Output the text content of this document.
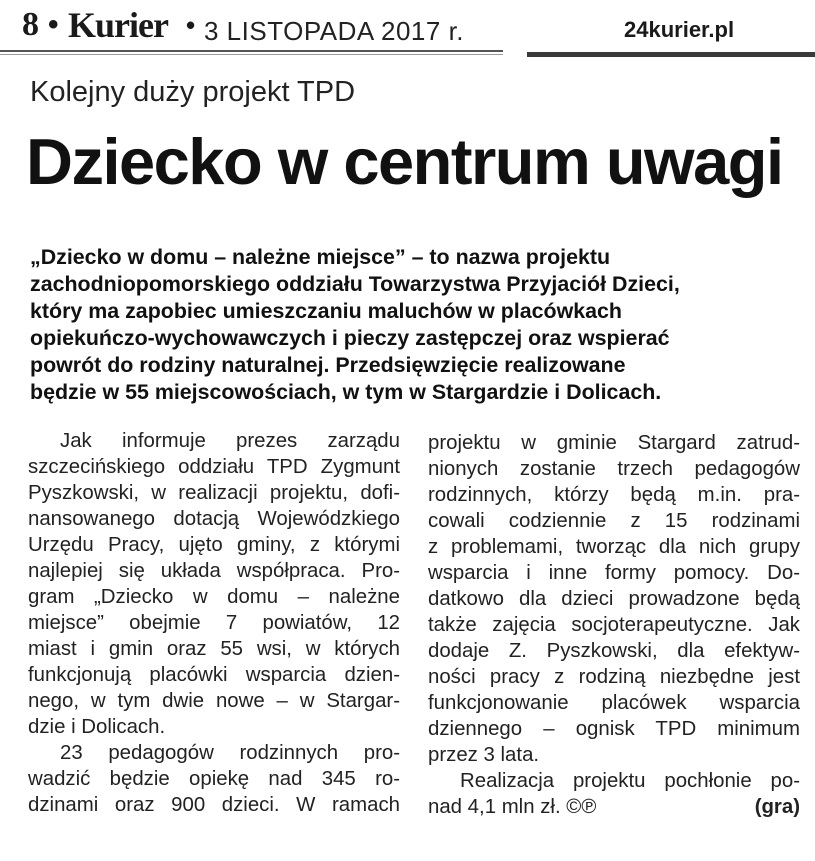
8 • Kurier • 3 LISTOPADA 2017 r.	24kurier.pl
Kolejny duży projekt TPD
Dziecko w centrum uwagi
„Dziecko w domu – należne miejsce” – to nazwa projektu
zachodniopomorskiego oddziału Towarzystwa Przyjaciół Dzieci,
który ma zapobiec umieszczaniu maluchów w placówkach
opiekuńczo-wychowawczych i pieczy zastępczej oraz wspierać
powrót do rodziny naturalnej. Przedsięwzięcie realizowane
będzie w 55 miejscowościach, w tym w Stargardzie i Dolicach.
Jak informuje prezes zarządu
szczecińskiego oddziału TPD Zygmunt
Pyszkowski, w realizacji projektu, dofi-
nansowanego dotacją Wojewódzkiego
Urzędu Pracy, ujęto gminy, z którymi
najlepiej się układa współpraca. Pro-
gram „Dziecko w domu – należne
miejsce” obejmie 7 powiatów, 12
miast i gmin oraz 55 wsi, w których
funkcjonują placówki wsparcia dzien-
nego, w tym dwie nowe – w Stargar-
dzie i Dolicach.
23 pedagogów rodzinnych pro-
wadzić będzie opiekę nad 345 ro-
dzinami oraz 900 dzieci. W ramach
projektu w gminie Stargard zatrud-
nionych zostanie trzech pedagogów
rodzinnych, którzy będą m.in. pra-
cowali codziennie z 15 rodzinami
z problemami, tworząc dla nich grupy
wsparcia i inne formy pomocy. Do-
datkowo dla dzieci prowadzone będą
także zajęcia socjoterapeutyczne. Jak
dodaje Z. Pyszkowski, dla efektyw-
ności pracy z rodziną niezbędne jest
funkcjonowanie placówek wsparcia
dziennego – ognisk TPD minimum
przez 3 lata.
Realizacja projektu pochłonie po-
nad 4,1 mln zł. ©℗	(gra)
